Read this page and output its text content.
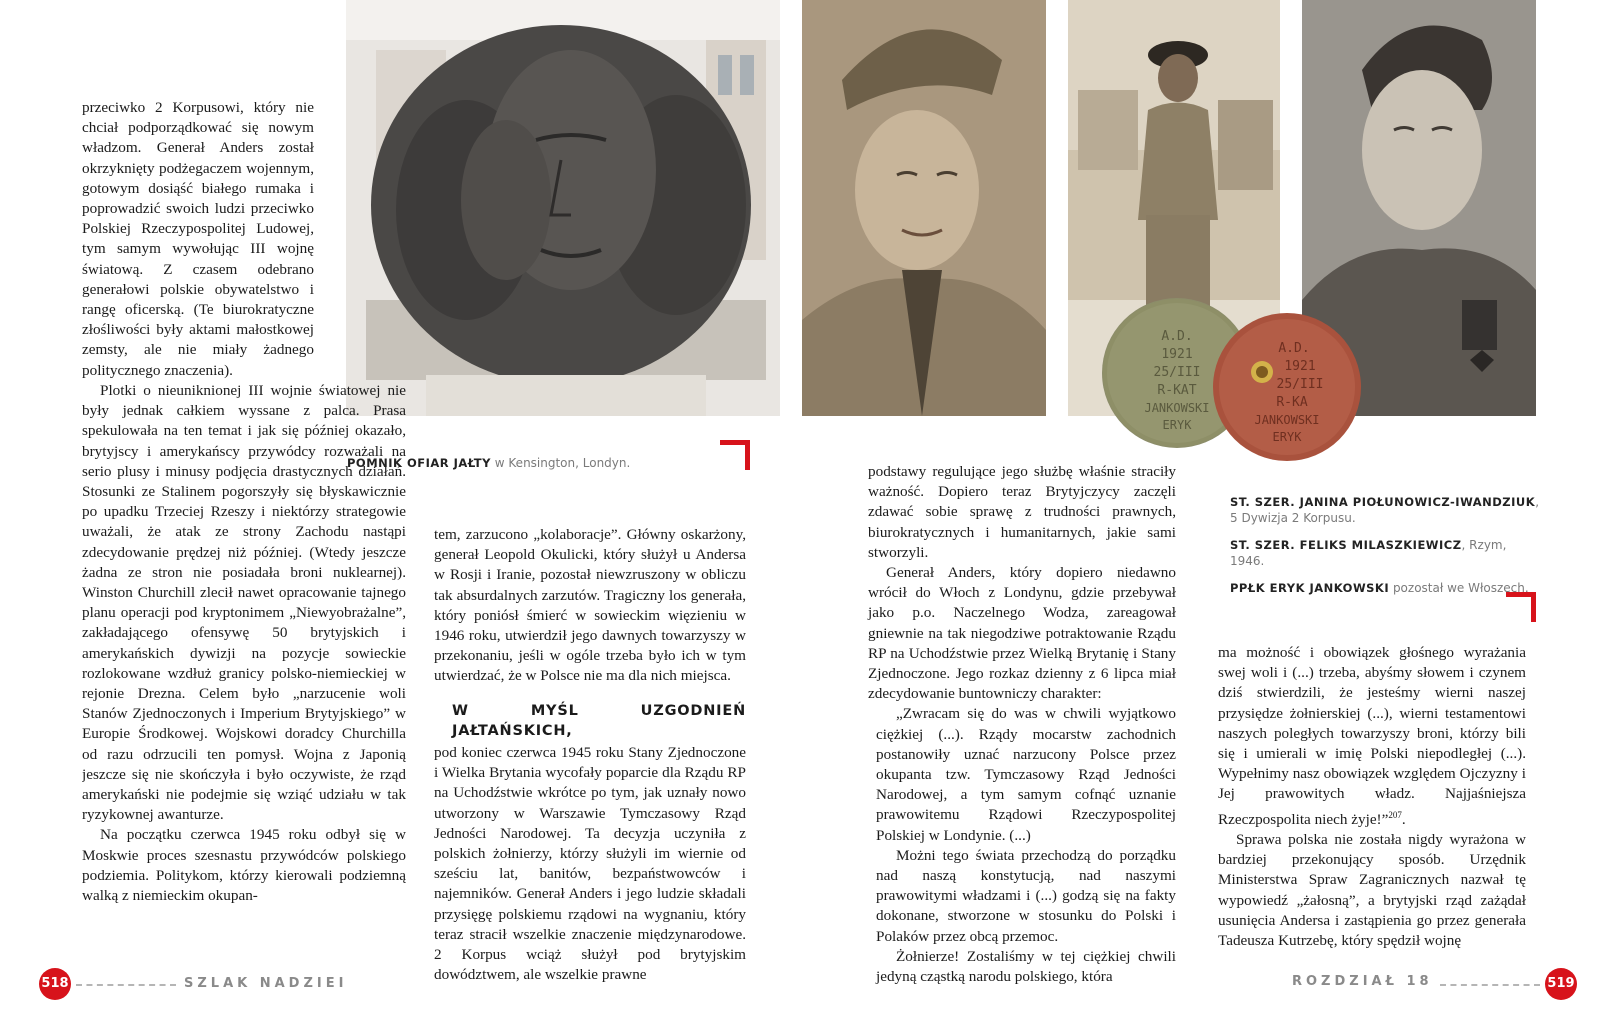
A.D.
1921
25/III
R-KAT
JANKOWSKI
ERYK
A.D.
1921
25/III
R-KA
JANKOWSKI
ERYK
POMNIK OFIAR JAŁTY w Kensington, Londyn.
ST. SZER. JANINA PIOŁUNOWICZ-IWANDZIUK, 5 Dywizja 2 Korpusu.
ST. SZER. FELIKS MILASZKIEWICZ, Rzym, 1946.
PPŁK ERYK JANKOWSKI pozostał we Włoszech.

przeciwko 2 Korpusowi, który nie chciał podporządkować się nowym władzom. Generał Anders został okrzyknięty podżegaczem wojennym, gotowym dosiąść białego rumaka i poprowadzić swoich ludzi przeciwko Polskiej Rzeczypospolitej Ludowej, tym samym wywołując III wojnę światową. Z czasem odebrano generałowi polskie obywatelstwo i rangę oficerską. (Te biurokratyczne złośliwości były aktami małostkowej zemsty, ale nie miały żadnego politycznego znaczenia).

Plotki o nieuniknionej III wojnie światowej nie były jednak całkiem wyssane z palca. Prasa spekulowała na ten temat i jak się później okazało, brytyjscy i amerykańscy przywódcy rozważali na serio plusy i minusy podjęcia drastycznych działań. Stosunki ze Stalinem pogorszyły się błyskawicznie po upadku Trzeciej Rzeszy i niektórzy strategowie uważali, że atak ze strony Zachodu nastąpi zdecydowanie prędzej niż później. (Wtedy jeszcze żadna ze stron nie posiadała broni nuklearnej). Winston Churchill zlecił nawet opracowanie tajnego planu operacji pod kryptonimem „Niewyobrażalne”, zakładającego ofensywę 50 brytyjskich i amerykańskich dywizji na pozycje sowieckie rozlokowane wzdłuż granicy polsko-niemieckiej w rejonie Drezna. Celem było „narzucenie woli Stanów Zjednoczonych i Imperium Brytyjskiego” w Europie Środkowej. Wojskowi doradcy Churchilla od razu odrzucili ten pomysł. Wojna z Japonią jeszcze się nie skończyła i było oczywiste, że rząd amerykański nie podejmie się wziąć udziału w tak ryzykownej awanturze.

Na początku czerwca 1945 roku odbył się w Moskwie proces szesnastu przywódców polskiego podziemia. Politykom, którzy kierowali podziemną walką z niemieckim okupan-

tem, zarzucono „kolaboracje”. Główny oskarżony, generał Leopold Okulicki, który służył u Andersa w Rosji i Iranie, pozostał niewzruszony w obliczu tak absurdalnych zarzutów. Tragiczny los generała, który poniósł śmierć w sowieckim więzieniu w 1946 roku, utwierdził jego dawnych towarzyszy w przekonaniu, jeśli w ogóle trzeba było ich w tym utwierdzać, że w Polsce nie ma dla nich miejsca.

W MYŚL UZGODNIEŃ JAŁTAŃSKICH,

pod koniec czerwca 1945 roku Stany Zjednoczone i Wielka Brytania wycofały poparcie dla Rządu RP na Uchodźstwie wkrótce po tym, jak uznały nowo utworzony w Warszawie Tymczasowy Rząd Jedności Narodowej. Ta decyzja uczyniła z polskich żołnierzy, którzy służyli im wiernie od sześciu lat, banitów, bezpaństwowców i najemników. Generał Anders i jego ludzie składali przysięgę polskiemu rządowi na wygnaniu, który teraz stracił wszelkie znaczenie międzynarodowe. 2 Korpus wciąż służył pod brytyjskim dowództwem, ale wszelkie prawne

podstawy regulujące jego służbę właśnie straciły ważność. Dopiero teraz Brytyjczycy zaczęli zdawać sobie sprawę z trudności prawnych, biurokratycznych i humanitarnych, jakie sami stworzyli.

Generał Anders, który dopiero niedawno wrócił do Włoch z Londynu, gdzie przebywał jako p.o. Naczelnego Wodza, zareagował gniewnie na tak niegodziwe potraktowanie Rządu RP na Uchodźstwie przez Wielką Brytanię i Stany Zjednoczone. Jego rozkaz dzienny z 6 lipca miał zdecydowanie buntowniczy charakter:

„Zwracam się do was w chwili wyjątkowo ciężkiej (...). Rządy mocarstw zachodnich postanowiły uznać narzucony Polsce przez okupanta tzw. Tymczasowy Rząd Jedności Narodowej, a tym samym cofnąć uznanie prawowitemu Rządowi Rzeczypospolitej Polskiej w Londynie. (...)

Możni tego świata przechodzą do porządku nad naszą konstytucją, nad naszymi prawowitymi władzami i (...) godzą się na fakty dokonane, stworzone w stosunku do Polski i Polaków przez obcą przemoc.

Żołnierze! Zostaliśmy w tej ciężkiej chwili jedyną cząstką narodu polskiego, która

ma możność i obowiązek głośnego wyrażania swej woli i (...) trzeba, abyśmy słowem i czynem dziś stwierdzili, że jesteśmy wierni naszej przysiędze żołnierskiej (...), wierni testamentowi naszych poległych towarzyszy broni, którzy bili się i umierali w imię Polski niepodległej (...). Wypełnimy nasz obowiązek względem Ojczyzny i Jej prawowitych władz. Najjaśniejsza Rzeczpospolita niech żyje!”$^{207}$.

Sprawa polska nie została nigdy wyrażona w bardziej przekonujący sposób. Urzędnik Ministerstwa Spraw Zagranicznych nazwał tę wypowiedź „żałosną”, a brytyjski rząd zażądał usunięcia Andersa i zastąpienia go przez generała Tadeusza Kutrzebę, który spędził wojnę

518	SZLAK NADZIEI	ROZDZIAŁ 18	519
